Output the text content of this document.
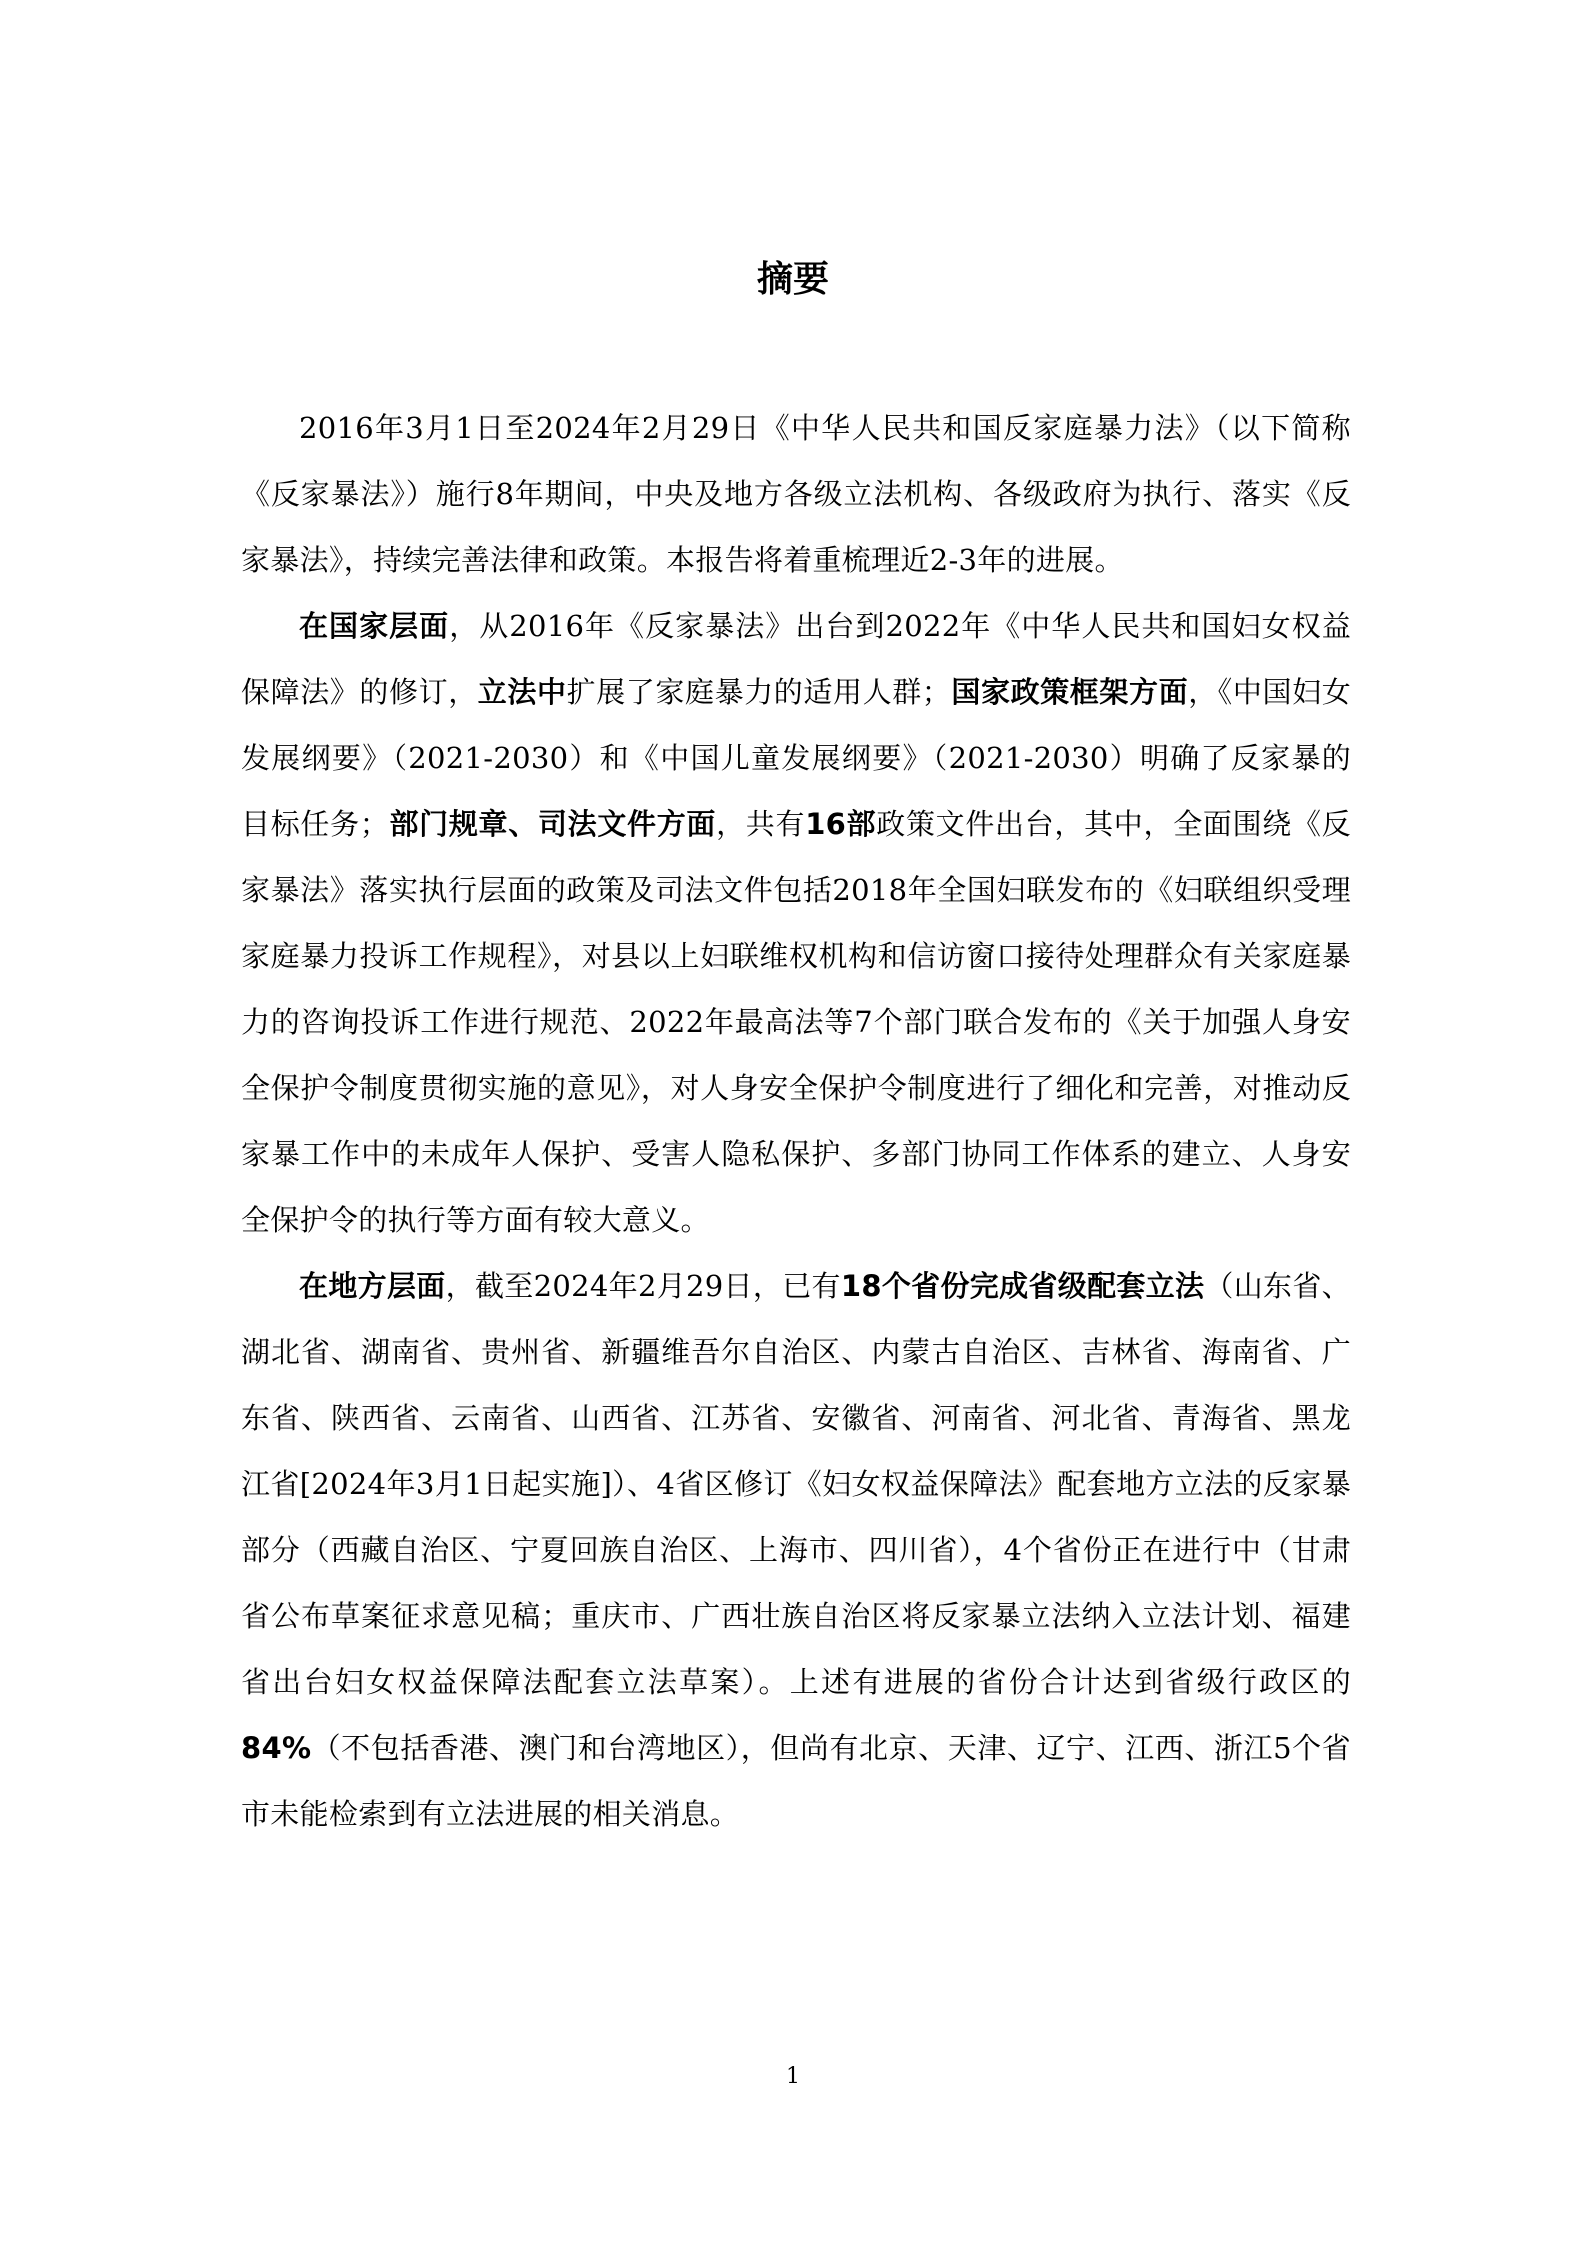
摘要

2016年3月1日至2024年2月29日《中华人民共和国反家庭暴力法》（以下简称《反家暴法》）施行8年期间，中央及地方各级立法机构、各级政府为执行、落实《反家暴法》，持续完善法律和政策。本报告将着重梳理近2-3年的进展。

在国家层面，从2016年《反家暴法》出台到2022年《中华人民共和国妇女权益保障法》的修订，立法中扩展了家庭暴力的适用人群；国家政策框架方面，《中国妇女发展纲要》（2021-2030）和《中国儿童发展纲要》（2021-2030）明确了反家暴的目标任务；部门规章、司法文件方面，共有16部政策文件出台，其中，全面围绕《反家暴法》落实执行层面的政策及司法文件包括2018年全国妇联发布的《妇联组织受理家庭暴力投诉工作规程》，对县以上妇联维权机构和信访窗口接待处理群众有关家庭暴力的咨询投诉工作进行规范、2022年最高法等7个部门联合发布的《关于加强人身安全保护令制度贯彻实施的意见》，对人身安全保护令制度进行了细化和完善，对推动反家暴工作中的未成年人保护、受害人隐私保护、多部门协同工作体系的建立、人身安全保护令的执行等方面有较大意义。

在地方层面，截至2024年2月29日，已有18个省份完成省级配套立法（山东省、湖北省、湖南省、贵州省、新疆维吾尔自治区、内蒙古自治区、吉林省、海南省、广东省、陕西省、云南省、山西省、江苏省、安徽省、河南省、河北省、青海省、黑龙江省[2024年3月1日起实施]）、4省区修订《妇女权益保障法》配套地方立法的反家暴部分（西藏自治区、宁夏回族自治区、上海市、四川省），4个省份正在进行中（甘肃省公布草案征求意见稿；重庆市、广西壮族自治区将反家暴立法纳入立法计划、福建省出台妇女权益保障法配套立法草案）。上述有进展的省份合计达到省级行政区的84%（不包括香港、澳门和台湾地区），但尚有北京、天津、辽宁、江西、浙江5个省市未能检索到有立法进展的相关消息。

1
